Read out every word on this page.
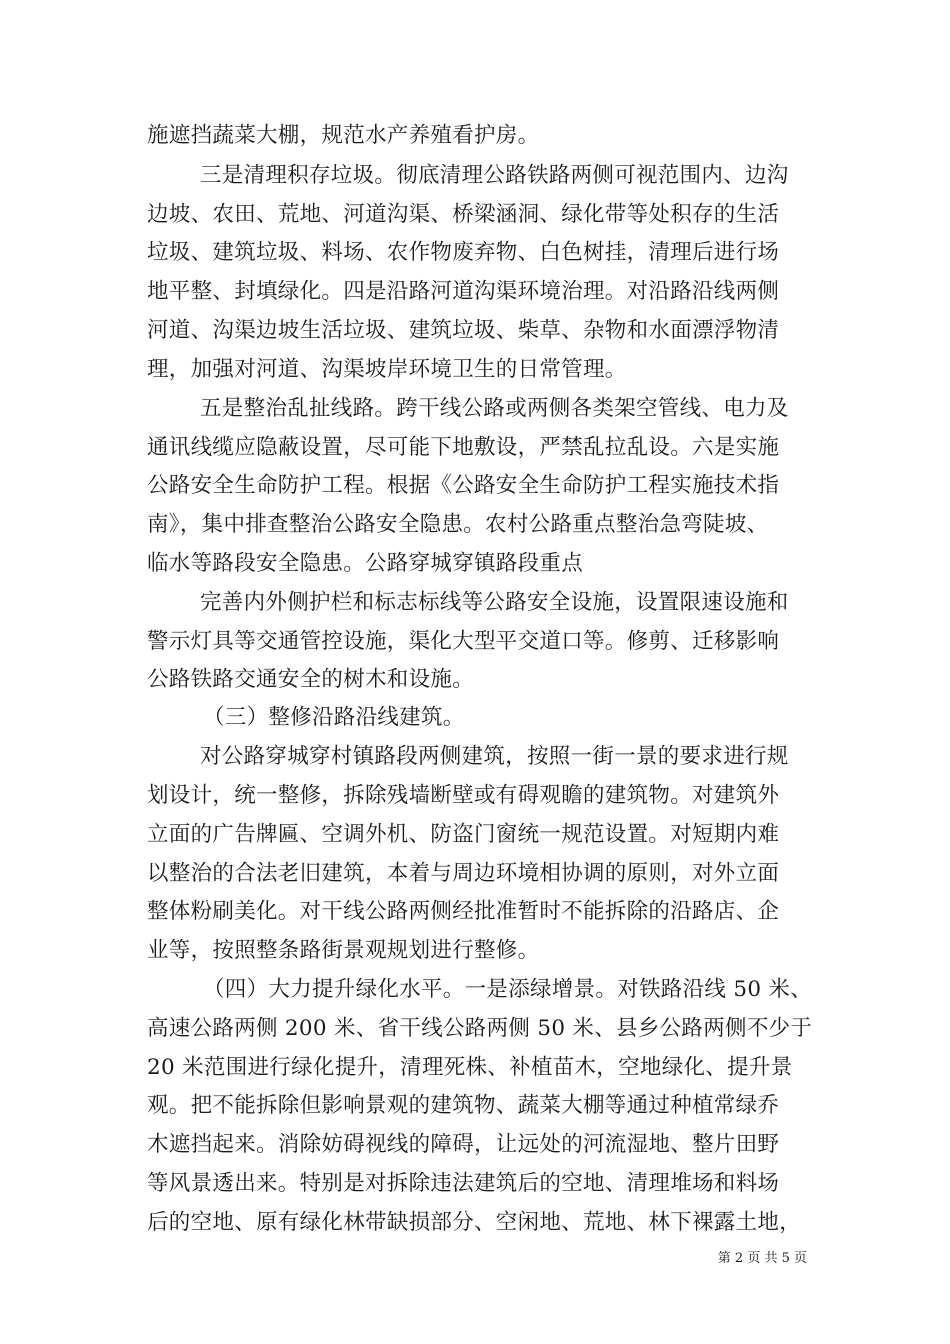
施遮挡蔬菜大棚，规范水产养殖看护房。
三是清理积存垃圾。彻底清理公路铁路两侧可视范围内、边沟
边坡、农田、荒地、河道沟渠、桥梁涵洞、绿化带等处积存的生活
垃圾、建筑垃圾、料场、农作物废弃物、白色树挂，清理后进行场
地平整、封填绿化。四是沿路河道沟渠环境治理。对沿路沿线两侧
河道、沟渠边坡生活垃圾、建筑垃圾、柴草、杂物和水面漂浮物清
理，加强对河道、沟渠坡岸环境卫生的日常管理。
五是整治乱扯线路。跨干线公路或两侧各类架空管线、电力及
通讯线缆应隐蔽设置，尽可能下地敷设，严禁乱拉乱设。六是实施
公路安全生命防护工程。根据《公路安全生命防护工程实施技术指
南》，集中排查整治公路安全隐患。农村公路重点整治急弯陡坡、
临水等路段安全隐患。公路穿城穿镇路段重点
完善内外侧护栏和标志标线等公路安全设施，设置限速设施和
警示灯具等交通管控设施，渠化大型平交道口等。修剪、迁移影响
公路铁路交通安全的树木和设施。
（三）整修沿路沿线建筑。
对公路穿城穿村镇路段两侧建筑，按照一街一景的要求进行规
划设计，统一整修，拆除残墙断壁或有碍观瞻的建筑物。对建筑外
立面的广告牌匾、空调外机、防盗门窗统一规范设置。对短期内难
以整治的合法老旧建筑，本着与周边环境相协调的原则，对外立面
整体粉刷美化。对干线公路两侧经批准暂时不能拆除的沿路店、企
业等，按照整条路街景观规划进行整修。
（四）大力提升绿化水平。一是添绿增景。对铁路沿线 50 米、
高速公路两侧 200 米、省干线公路两侧 50 米、县乡公路两侧不少于
20 米范围进行绿化提升，清理死株、补植苗木，空地绿化、提升景
观。把不能拆除但影响景观的建筑物、蔬菜大棚等通过种植常绿乔
木遮挡起来。消除妨碍视线的障碍，让远处的河流湿地、整片田野
等风景透出来。特别是对拆除违法建筑后的空地、清理堆场和料场
后的空地、原有绿化林带缺损部分、空闲地、荒地、林下裸露土地，
第 2 页 共 5 页
